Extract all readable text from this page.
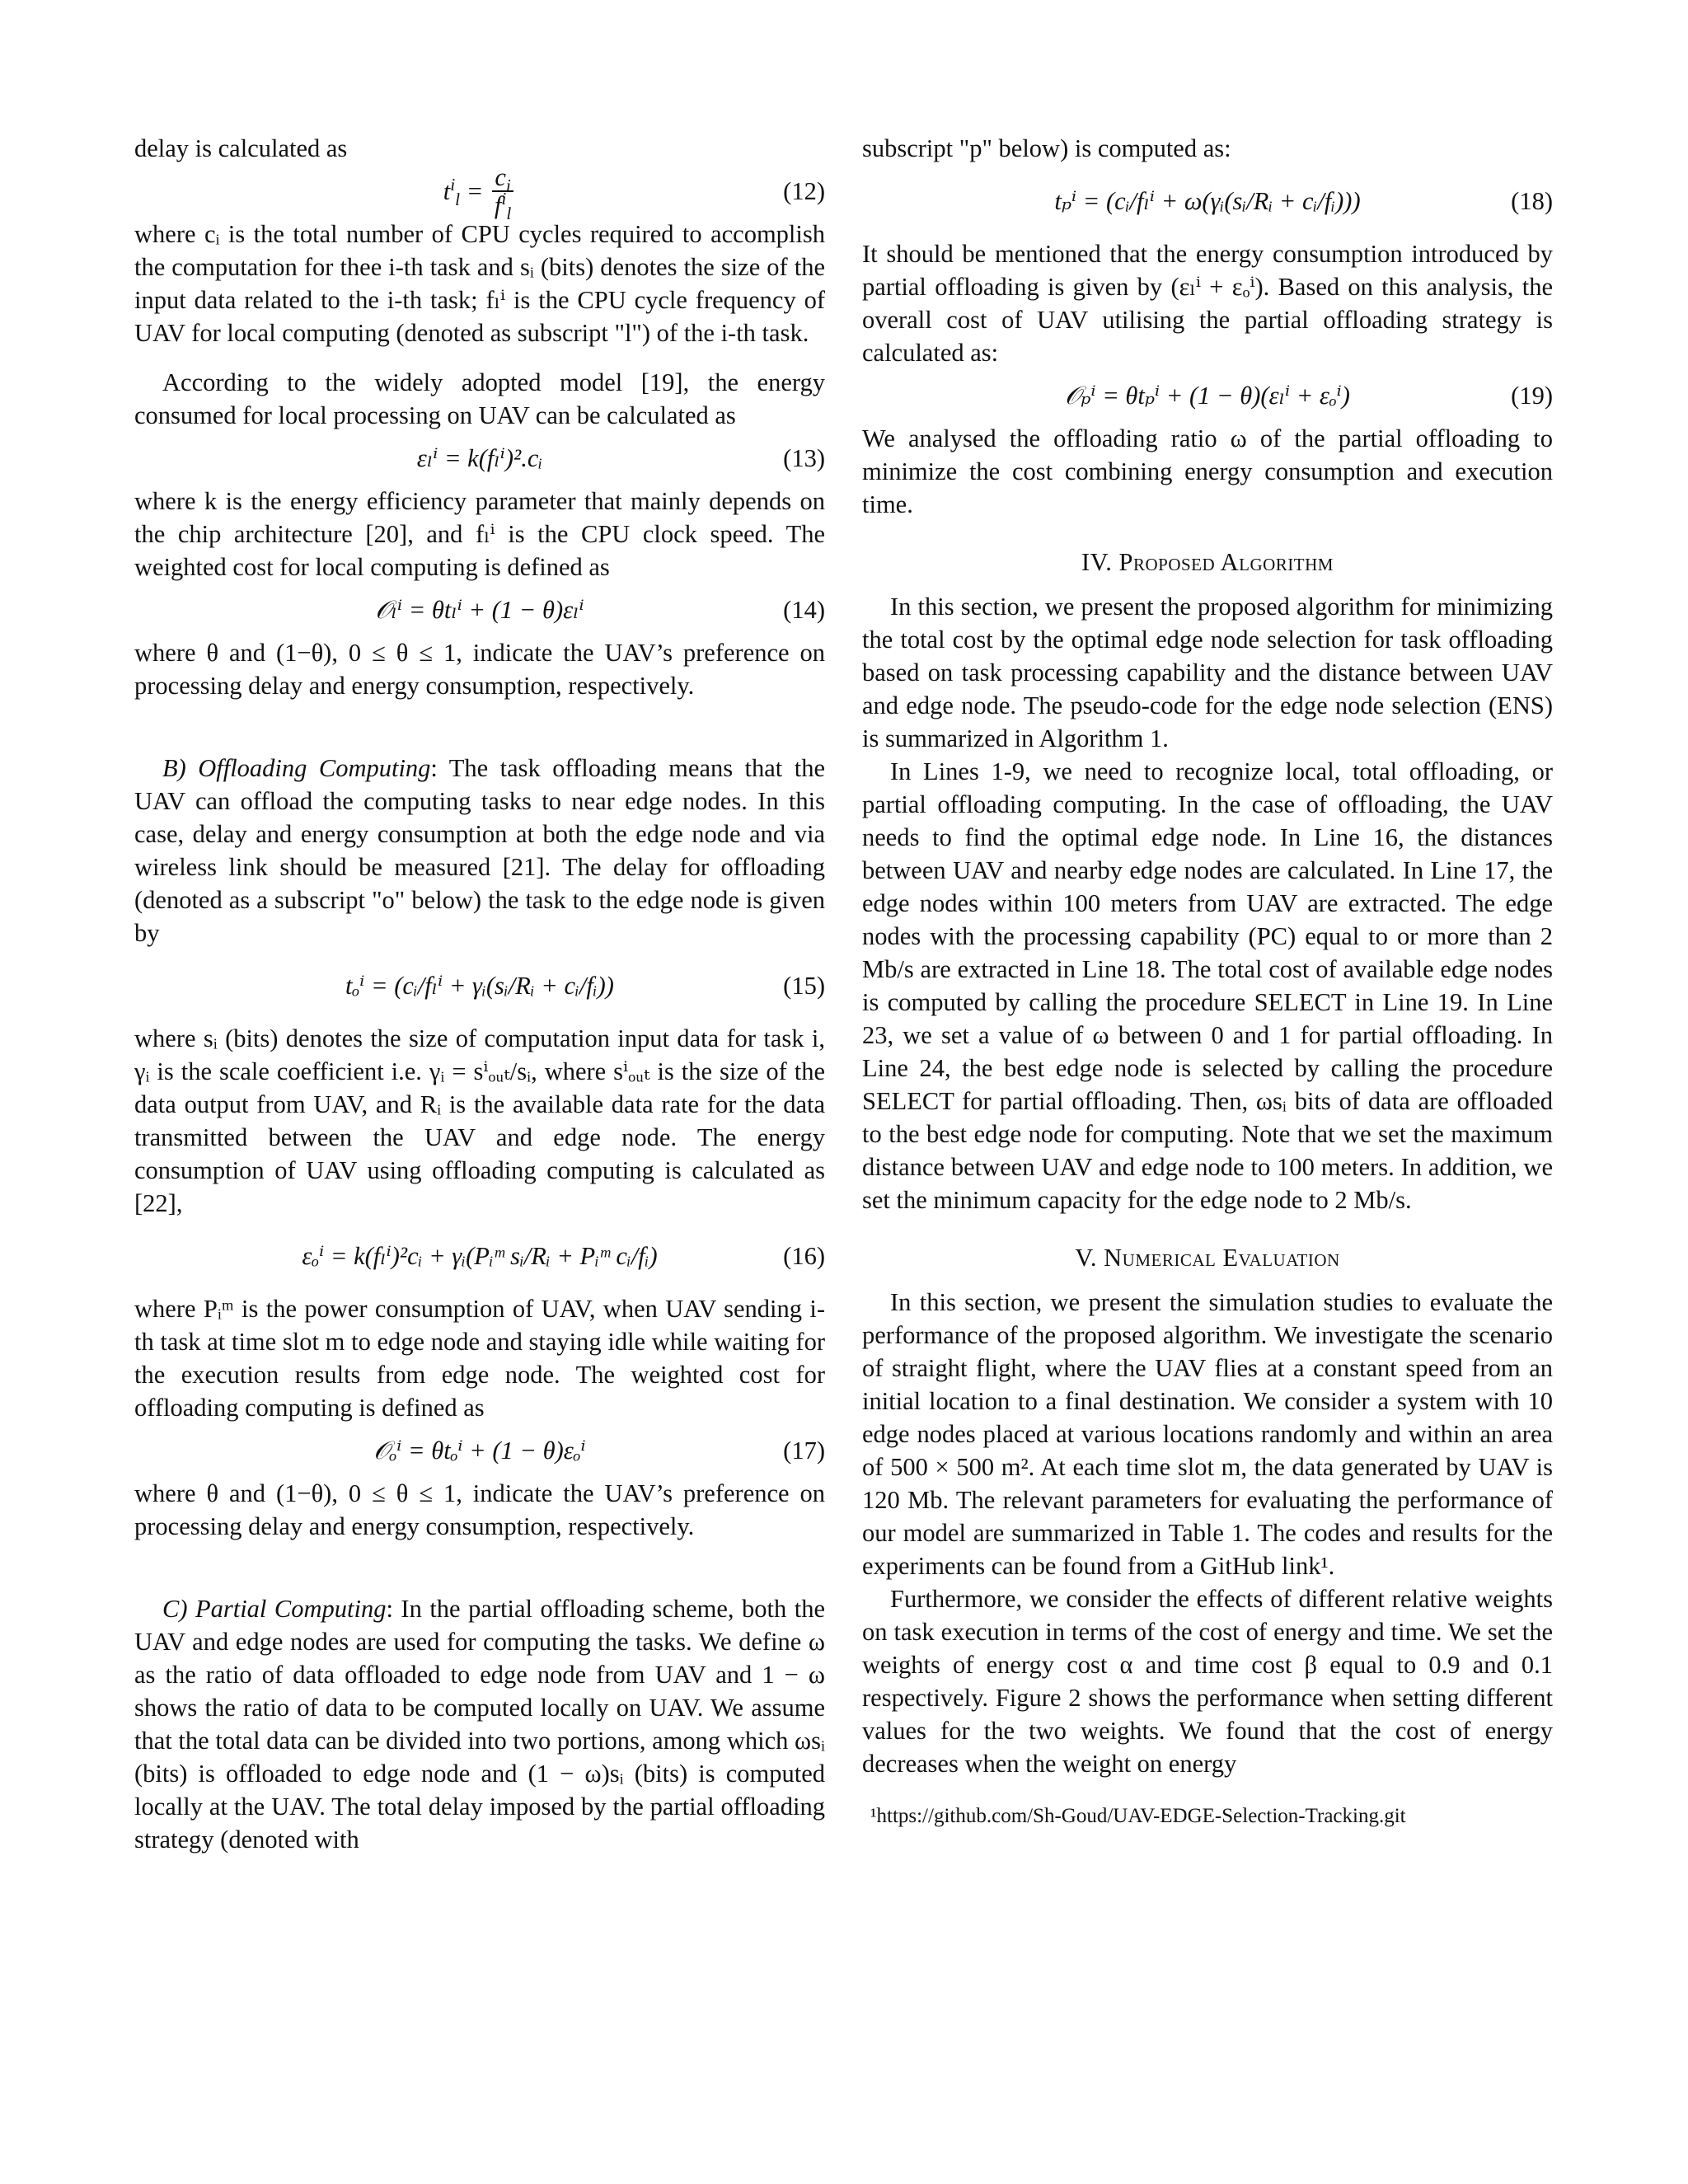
delay is calculated as

$t^i_l = \frac{c_i}{f^i_l}$	(12)

where cᵢ is the total number of CPU cycles required to accomplish the computation for thee i-th task and sᵢ (bits) denotes the size of the input data related to the i-th task; fₗⁱ is the CPU cycle frequency of UAV for local computing (denoted as subscript "l") of the i-th task.

According to the widely adopted model [19], the energy consumed for local processing on UAV can be calculated as

εₗⁱ = k(fₗⁱ)².cᵢ	(13)

where k is the energy efficiency parameter that mainly depends on the chip architecture [20], and fₗⁱ is the CPU clock speed. The weighted cost for local computing is defined as

𝒪ₗⁱ = θtₗⁱ + (1 − θ)εₗⁱ	(14)

where θ and (1−θ), 0 ≤ θ ≤ 1, indicate the UAV’s preference on processing delay and energy consumption, respectively.

B) Offloading Computing: The task offloading means that the UAV can offload the computing tasks to near edge nodes. In this case, delay and energy consumption at both the edge node and via wireless link should be measured [21]. The delay for offloading (denoted as a subscript "o" below) the task to the edge node is given by

tₒⁱ = (cᵢ/fₗⁱ + γᵢ(sᵢ/Rᵢ + cᵢ/fᵢ))	(15)

where sᵢ (bits) denotes the size of computation input data for task i, γᵢ is the scale coefficient i.e. γᵢ = sⁱₒᵤₜ/sᵢ, where sⁱₒᵤₜ is the size of the data output from UAV, and Rᵢ is the available data rate for the data transmitted between the UAV and edge node. The energy consumption of UAV using offloading computing is calculated as [22],

εₒⁱ = k(fₗⁱ)²cᵢ + γᵢ(Pᵢᵐ sᵢ/Rᵢ + Pᵢᵐ cᵢ/fᵢ)	(16)

where Pᵢᵐ is the power consumption of UAV, when UAV sending i-th task at time slot m to edge node and staying idle while waiting for the execution results from edge node. The weighted cost for offloading computing is defined as

𝒪ₒⁱ = θtₒⁱ + (1 − θ)εₒⁱ	(17)

where θ and (1−θ), 0 ≤ θ ≤ 1, indicate the UAV’s preference on processing delay and energy consumption, respectively.

C) Partial Computing: In the partial offloading scheme, both the UAV and edge nodes are used for computing the tasks. We define ω as the ratio of data offloaded to edge node from UAV and 1 − ω shows the ratio of data to be computed locally on UAV. We assume that the total data can be divided into two portions, among which ωsᵢ (bits) is offloaded to edge node and (1 − ω)sᵢ (bits) is computed locally at the UAV. The total delay imposed by the partial offloading strategy (denoted with

subscript "p" below) is computed as:

tₚⁱ = (cᵢ/fₗⁱ + ω(γᵢ(sᵢ/Rᵢ + cᵢ/fᵢ)))	(18)

It should be mentioned that the energy consumption introduced by partial offloading is given by (εₗⁱ + εₒⁱ). Based on this analysis, the overall cost of UAV utilising the partial offloading strategy is calculated as:

𝒪ₚⁱ = θtₚⁱ + (1 − θ)(εₗⁱ + εₒⁱ)	(19)

We analysed the offloading ratio ω of the partial offloading to minimize the cost combining energy consumption and execution time.

IV. Proposed Algorithm

In this section, we present the proposed algorithm for minimizing the total cost by the optimal edge node selection for task offloading based on task processing capability and the distance between UAV and edge node. The pseudo-code for the edge node selection (ENS) is summarized in Algorithm 1.

In Lines 1-9, we need to recognize local, total offloading, or partial offloading computing. In the case of offloading, the UAV needs to find the optimal edge node. In Line 16, the distances between UAV and nearby edge nodes are calculated. In Line 17, the edge nodes within 100 meters from UAV are extracted. The edge nodes with the processing capability (PC) equal to or more than 2 Mb/s are extracted in Line 18. The total cost of available edge nodes is computed by calling the procedure SELECT in Line 19. In Line 23, we set a value of ω between 0 and 1 for partial offloading. In Line 24, the best edge node is selected by calling the procedure SELECT for partial offloading. Then, ωsᵢ bits of data are offloaded to the best edge node for computing. Note that we set the maximum distance between UAV and edge node to 100 meters. In addition, we set the minimum capacity for the edge node to 2 Mb/s.

V. Numerical Evaluation

In this section, we present the simulation studies to evaluate the performance of the proposed algorithm. We investigate the scenario of straight flight, where the UAV flies at a constant speed from an initial location to a final destination. We consider a system with 10 edge nodes placed at various locations randomly and within an area of 500 × 500 m². At each time slot m, the data generated by UAV is 120 Mb. The relevant parameters for evaluating the performance of our model are summarized in Table 1. The codes and results for the experiments can be found from a GitHub link¹.

Furthermore, we consider the effects of different relative weights on task execution in terms of the cost of energy and time. We set the weights of energy cost α and time cost β equal to 0.9 and 0.1 respectively. Figure 2 shows the performance when setting different values for the two weights. We found that the cost of energy decreases when the weight on energy

¹https://github.com/Sh-Goud/UAV-EDGE-Selection-Tracking.git
